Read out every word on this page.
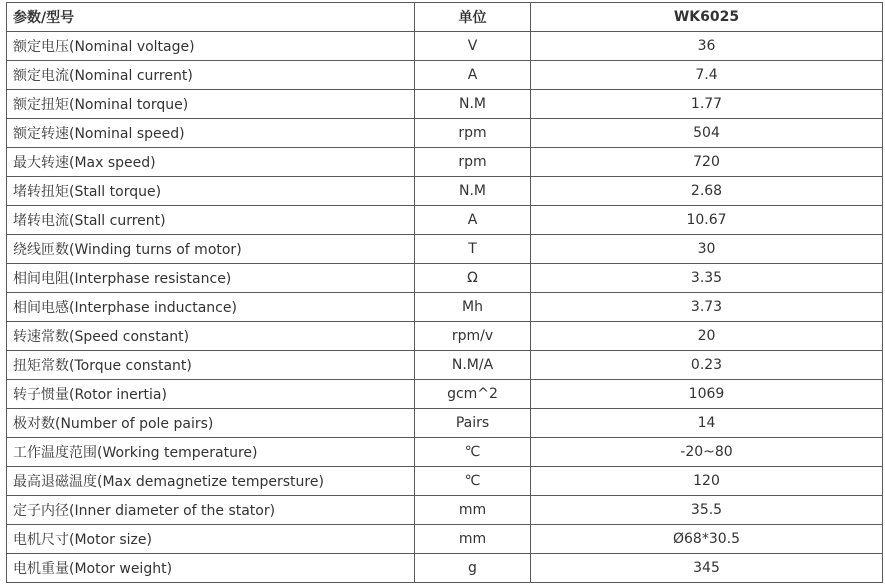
参数/型号	单位	WK6025
额定电压(Nominal voltage)	V	36
额定电流(Nominal current)	A	7.4
额定扭矩(Nominal torque)	N.M	1.77
额定转速(Nominal speed)	rpm	504
最大转速(Max speed)	rpm	720
堵转扭矩(Stall torque)	N.M	2.68
堵转电流(Stall current)	A	10.67
绕线匝数(Winding turns of motor)	T	30
相间电阻(Interphase resistance)	Ω	3.35
相间电感(Interphase inductance)	Mh	3.73
转速常数(Speed constant)	rpm/v	20
扭矩常数(Torque constant)	N.M/A	0.23
转子惯量(Rotor inertia)	gcm^2	1069
极对数(Number of pole pairs)	Pairs	14
工作温度范围(Working temperature)	℃	-20~80
最高退磁温度(Max demagnetize tempersture)	℃	120
定子内径(Inner diameter of the stator)	mm	35.5
电机尺寸(Motor size)	mm	Ø68*30.5
电机重量(Motor weight)	g	345
